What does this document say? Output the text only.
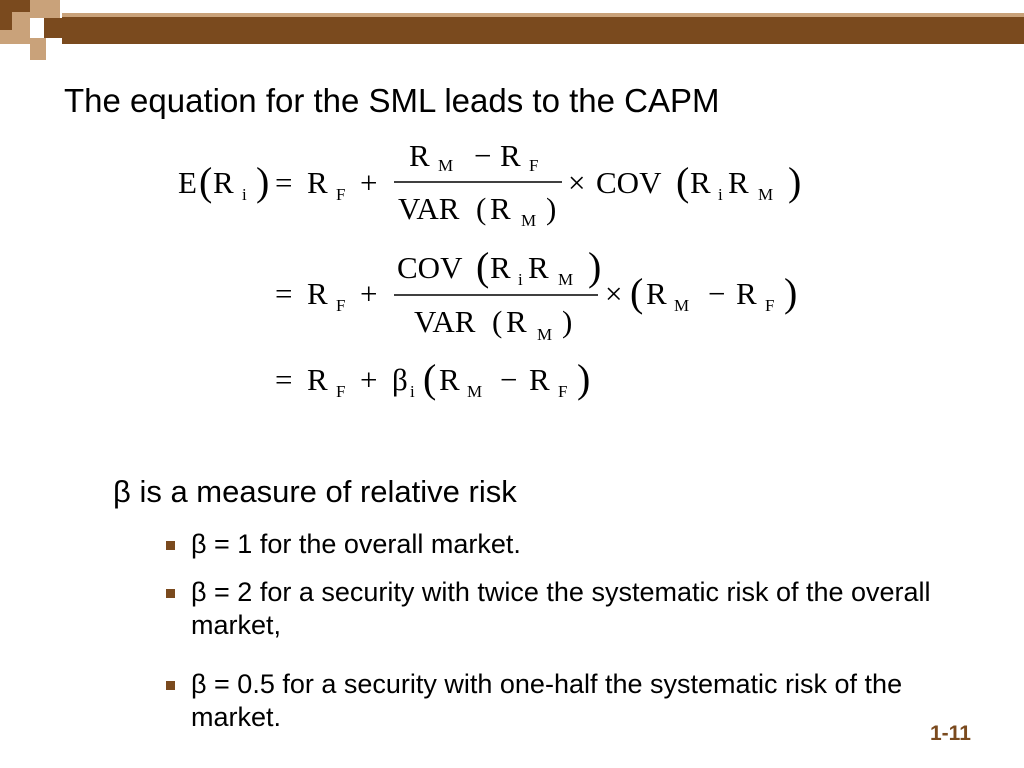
The equation for the SML leads to the CAPM
E ( R i ) = R F +
R M − R F
VAR ( R M )
× COV ( R i R M )
= R F +
COV ( R i R M )
VAR ( R M )
× ( R M − R F )
= R F + β i ( R M − R F )
β is a measure of relative risk
β = 1 for the overall market.
β = 2 for a security with twice the systematic risk of the overall market,
β = 0.5 for a security with one-half the systematic risk of the market.
1-11
